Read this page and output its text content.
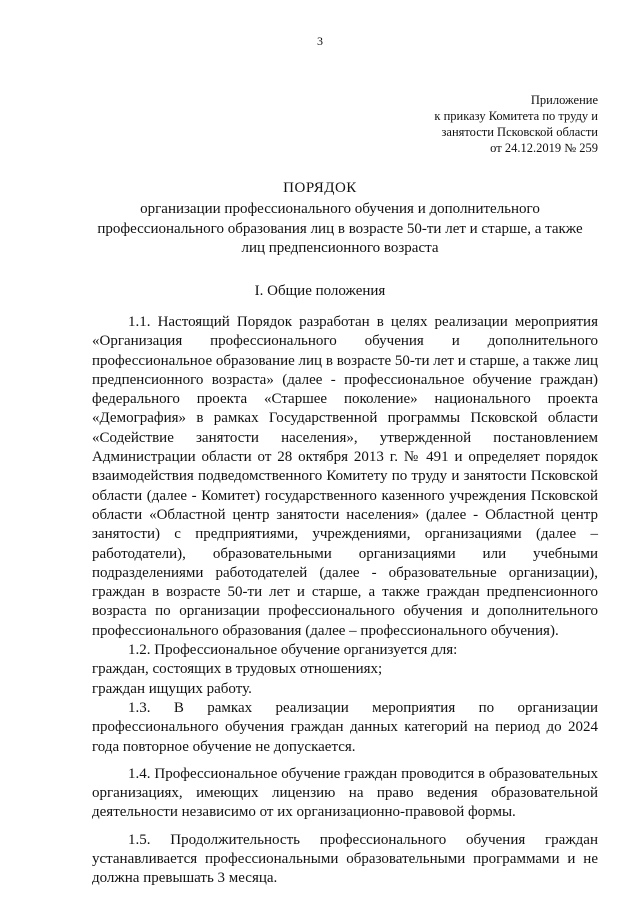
3
Приложение
к приказу Комитета по труду и
занятости Псковской области
от 24.12.2019 № 259
ПОРЯДОК
организации профессионального обучения и дополнительного профессионального образования лиц в возрасте 50-ти лет и старше, а также лиц предпенсионного возраста
I. Общие положения

1.1. Настоящий Порядок разработан в целях реализации мероприятия «Организация профессионального обучения и дополнительного профессиональное образование лиц в возрасте 50-ти лет и старше, а также лиц предпенсионного возраста» (далее - профессиональное обучение граждан) федерального проекта «Старшее поколение» национального проекта «Демография» в рамках Государственной программы Псковской области «Содействие занятости населения», утвержденной постановлением Администрации области от 28 октября 2013 г. № 491 и определяет порядок взаимодействия подведомственного Комитету по труду и занятости Псковской области (далее - Комитет) государственного казенного учреждения Псковской области «Областной центр занятости населения» (далее - Областной центр занятости) с предприятиями, учреждениями, организациями (далее – работодатели), образовательными организациями или учебными подразделениями работодателей (далее - образовательные организации), граждан в возрасте 50-ти лет и старше, а также граждан предпенсионного возраста по организации профессионального обучения и дополнительного профессионального образования (далее – профессионального обучения).

1.2. Профессиональное обучение организуется для:

граждан, состоящих в трудовых отношениях;

граждан ищущих работу.

1.3. В рамках реализации мероприятия по организации профессионального обучения граждан данных категорий на период до 2024 года повторное обучение не допускается.

1.4. Профессиональное обучение граждан проводится в образовательных организациях, имеющих лицензию на право ведения образовательной деятельности независимо от их организационно-правовой формы.

1.5. Продолжительность профессионального обучения граждан устанавливается профессиональными образовательными программами и не должна превышать 3 месяца.
